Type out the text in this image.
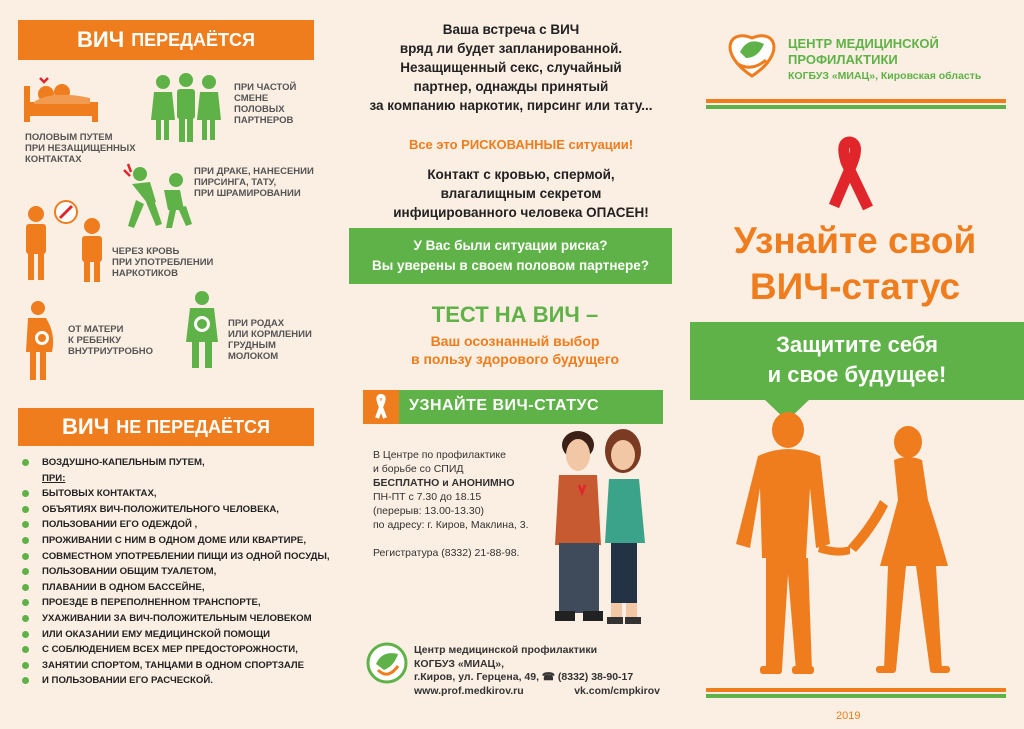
ВИЧ ПЕРЕДАЁТСЯ
ПОЛОВЫМ ПУТЕМ
ПРИ НЕЗАЩИЩЕННЫХ
КОНТАКТАХ
ПРИ ЧАСТОЙ
СМЕНЕ
ПОЛОВЫХ
ПАРТНЕРОВ
ПРИ ДРАКЕ, НАНЕСЕНИИ
ПИРСИНГА, ТАТУ,
ПРИ ШРАМИРОВАНИИ
ЧЕРЕЗ КРОВЬ
ПРИ УПОТРЕБЛЕНИИ
НАРКОТИКОВ
ОТ МАТЕРИ
К РЕБЕНКУ
ВНУТРИУТРОБНО
ПРИ РОДАХ
ИЛИ КОРМЛЕНИИ
ГРУДНЫМ
МОЛОКОМ
ВИЧ НЕ ПЕРЕДАЁТСЯ
ВОЗДУШНО-КАПЕЛЬНЫМ ПУТЕМ,
ПРИ:
БЫТОВЫХ КОНТАКТАХ,
ОБЪЯТИЯХ ВИЧ-ПОЛОЖИТЕЛЬНОГО ЧЕЛОВЕКА,
ПОЛЬЗОВАНИИ ЕГО ОДЕЖДОЙ ,
ПРОЖИВАНИИ С НИМ В ОДНОМ ДОМЕ ИЛИ КВАРТИРЕ,
СОВМЕСТНОМ УПОТРЕБЛЕНИИ ПИЩИ ИЗ ОДНОЙ ПОСУДЫ,
ПОЛЬЗОВАНИИ ОБЩИМ ТУАЛЕТОМ,
ПЛАВАНИИ В ОДНОМ БАССЕЙНЕ,
ПРОЕЗДЕ В ПЕРЕПОЛНЕННОМ ТРАНСПОРТЕ,
УХАЖИВАНИИ ЗА ВИЧ-ПОЛОЖИТЕЛЬНЫМ ЧЕЛОВЕКОМ
ИЛИ ОКАЗАНИИ ЕМУ МЕДИЦИНСКОЙ ПОМОЩИ
С СОБЛЮДЕНИЕМ ВСЕХ МЕР ПРЕДОСТОРОЖНОСТИ,
ЗАНЯТИИ СПОРТОМ, ТАНЦАМИ В ОДНОМ СПОРТЗАЛЕ
И ПОЛЬЗОВАНИИ ЕГО РАСЧЕСКОЙ.
Ваша встреча с ВИЧ
вряд ли будет запланированной.
Незащищенный секс, случайный
партнер, однажды принятый
за компанию наркотик, пирсинг или тату...
Все это РИСКОВАННЫЕ ситуации!
Контакт с кровью, спермой,
влагалищным секретом
инфицированного человека ОПАСЕН!
У Вас были ситуации риска?
Вы уверены в своем половом партнере?
ТЕСТ НА ВИЧ –
Ваш осознанный выбор
в пользу здорового будущего
УЗНАЙТЕ ВИЧ-СТАТУС
В Центре по профилактике
и борьбе со СПИД
БЕСПЛАТНО и АНОНИМНО
ПН-ПТ с 7.30 до 18.15
(перерыв: 13.00-13.30)
по адресу: г. Киров, Маклина, 3.
Регистратура (8332) 21-88-98.
Центр медицинской профилактики
КОГБУЗ «МИАЦ»,
г.Киров, ул. Герцена, 49, ☎ (8332) 38-90-17
www.prof.medkirov.ru	vk.com/cmpkirov
ЦЕНТР МЕДИЦИНСКОЙ
ПРОФИЛАКТИКИ
КОГБУЗ «МИАЦ», Кировская область
Узнайте свой
ВИЧ-статус
Защитите себя
и свое будущее!
2019
